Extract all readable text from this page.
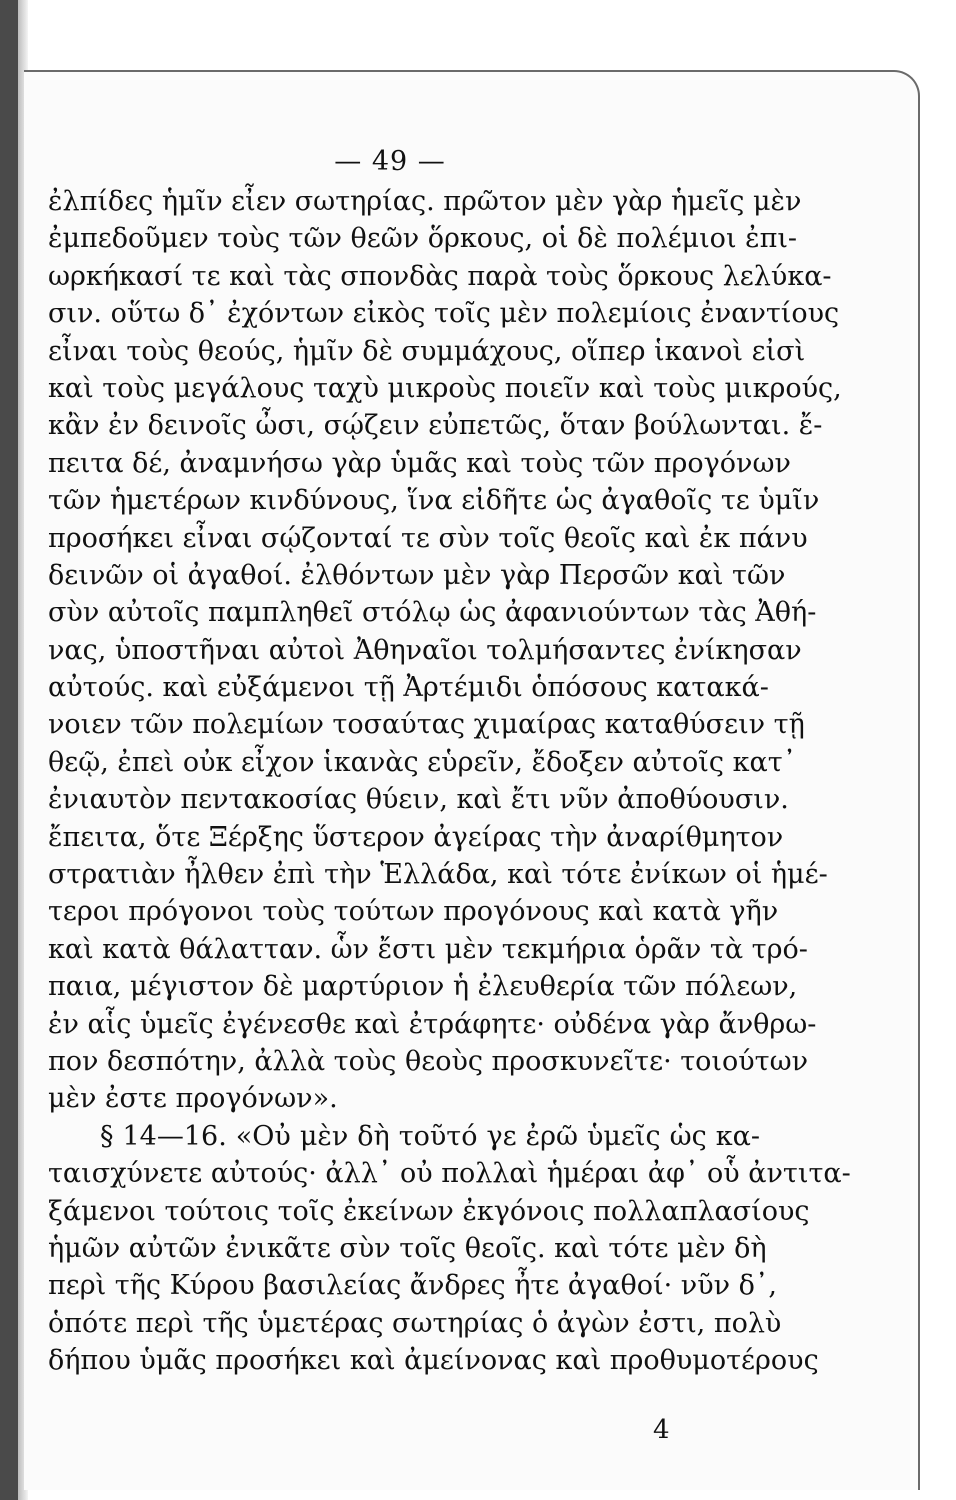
— 49 —
ἐλπίδες ἡμῖν εἶεν σωτηρίας. πρῶτον μὲν γὰρ ἡμεῖς μὲν
ἐμπεδοῦμεν τοὺς τῶν θεῶν ὅρκους, οἱ δὲ πολέμιοι ἐπι-
ωρκήκασί τε καὶ τὰς σπονδὰς παρὰ τοὺς ὅρκους λελύκα-
σιν. οὕτω δ᾽ ἐχόντων εἰκὸς τοῖς μὲν πολεμίοις ἐναντίους
εἶναι τοὺς θεούς, ἡμῖν δὲ συμμάχους, οἵπερ ἱκανοὶ εἰσὶ
καὶ τοὺς μεγάλους ταχὺ μικροὺς ποιεῖν καὶ τοὺς μικρούς,
κἂν ἐν δεινοῖς ὦσι, σῴζειν εὐπετῶς, ὅταν βούλωνται. ἔ-
πειτα δέ, ἀναμνήσω γὰρ ὑμᾶς καὶ τοὺς τῶν προγόνων
τῶν ἡμετέρων κινδύνους, ἵνα εἰδῆτε ὡς ἀγαθοῖς τε ὑμῖν
προσήκει εἶναι σῴζονταί τε σὺν τοῖς θεοῖς καὶ ἐκ πάνυ
δεινῶν οἱ ἀγαθοί. ἐλθόντων μὲν γὰρ Περσῶν καὶ τῶν
σὺν αὐτοῖς παμπληθεῖ στόλῳ ὡς ἀφανιούντων τὰς Ἀθή-
νας, ὑποστῆναι αὐτοὶ Ἀθηναῖοι τολμήσαντες ἐνίκησαν
αὐτούς. καὶ εὐξάμενοι τῇ Ἀρτέμιδι ὁπόσους κατακά-
νοιεν τῶν πολεμίων τοσαύτας χιμαίρας καταθύσειν τῇ
θεῷ, ἐπεὶ οὐκ εἶχον ἱκανὰς εὑρεῖν, ἔδοξεν αὐτοῖς κατ᾽
ἐνιαυτὸν πεντακοσίας θύειν, καὶ ἔτι νῦν ἀποθύουσιν.
ἔπειτα, ὅτε Ξέρξης ὕστερον ἀγείρας τὴν ἀναρίθμητον
στρατιὰν ἦλθεν ἐπὶ τὴν Ἑλλάδα, καὶ τότε ἐνίκων οἱ ἡμέ-
τεροι πρόγονοι τοὺς τούτων προγόνους καὶ κατὰ γῆν
καὶ κατὰ θάλατταν. ὧν ἔστι μὲν τεκμήρια ὁρᾶν τὰ τρό-
παια, μέγιστον δὲ μαρτύριον ἡ ἐλευθερία τῶν πόλεων,
ἐν αἷς ὑμεῖς ἐγένεσθε καὶ ἐτράφητε· οὐδένα γὰρ ἄνθρω-
πον δεσπότην, ἀλλὰ τοὺς θεοὺς προσκυνεῖτε· τοιούτων
μὲν ἐστε προγόνων».
§ 14—16. «Οὐ μὲν δὴ τοῦτό γε ἐρῶ ὑμεῖς ὡς κα-
ταισχύνετε αὐτούς· ἀλλ᾽ οὐ πολλαὶ ἡμέραι ἀφ᾽ οὗ ἀντιτα-
ξάμενοι τούτοις τοῖς ἐκείνων ἐκγόνοις πολλαπλασίους
ἡμῶν αὐτῶν ἐνικᾶτε σὺν τοῖς θεοῖς. καὶ τότε μὲν δὴ
περὶ τῆς Κύρου βασιλείας ἄνδρες ἦτε ἀγαθοί· νῦν δ᾽,
ὁπότε περὶ τῆς ὑμετέρας σωτηρίας ὁ ἀγὼν ἐστι, πολὺ
δήπου ὑμᾶς προσήκει καὶ ἀμείνονας καὶ προθυμοτέρους
4
